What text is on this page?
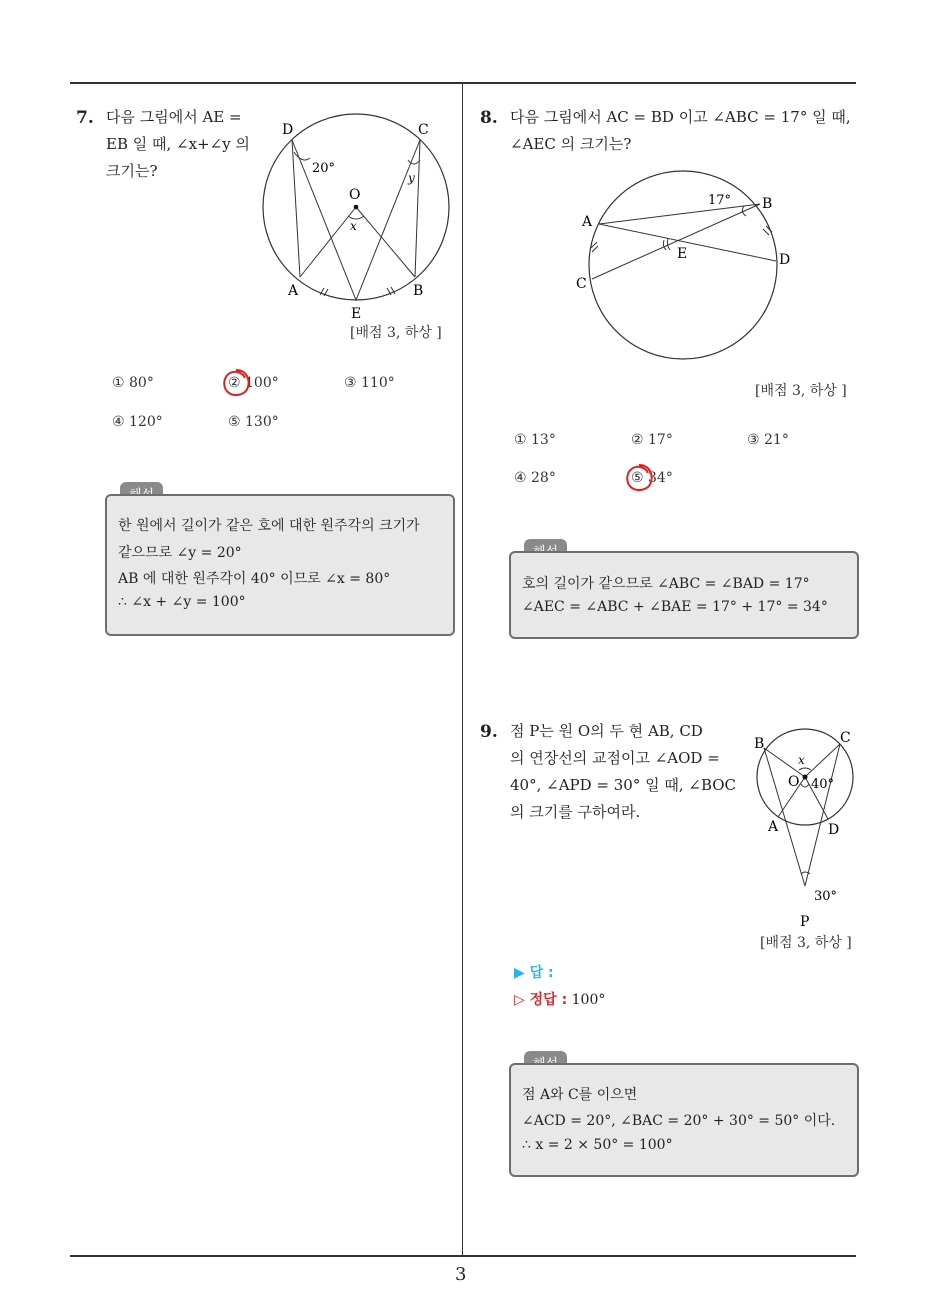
3
7. 다음 그림에서 AE =
EB 일 때, ∠x+∠y 의
크기는?
D	C
O
x
y
20°
A
E
B
[배점 3, 하상 ]
① 80°	② 100°	③ 110°
④ 120°	⑤ 130°
한 원에서 길이가 같은 호에 대한 원주각의 크기가
같으므로 ∠y = 20°
AB 에 대한 원주각이 40° 이므로 ∠x = 80°
∴ ∠x + ∠y = 100°
8. 다음 그림에서 AC = BD 이고 ∠ABC = 17° 일 때,
∠AEC 의 크기는?
A
B
C
D
E
17°
[배점 3, 하상 ]
① 13°	② 17°	③ 21°
④ 28°	⑤ 34°
호의 길이가 같으므로 ∠ABC = ∠BAD = 17°
∠AEC = ∠ABC + ∠BAE = 17° + 17° = 34°
9. 점 P는 원 O의 두 현 AB, CD
의 연장선의 교점이고 ∠AOD =
40°, ∠APD = 30° 일 때, ∠BOC
의 크기를 구하여라.
B	C
O
x
40°
A	D
30°
P
[배점 3, 하상 ]
▶ 답 :
▷ 정답 : 100°
점 A와 C를 이으면
∠ACD = 20°, ∠BAC = 20° + 30° = 50° 이다.
∴ x = 2 × 50° = 100°
